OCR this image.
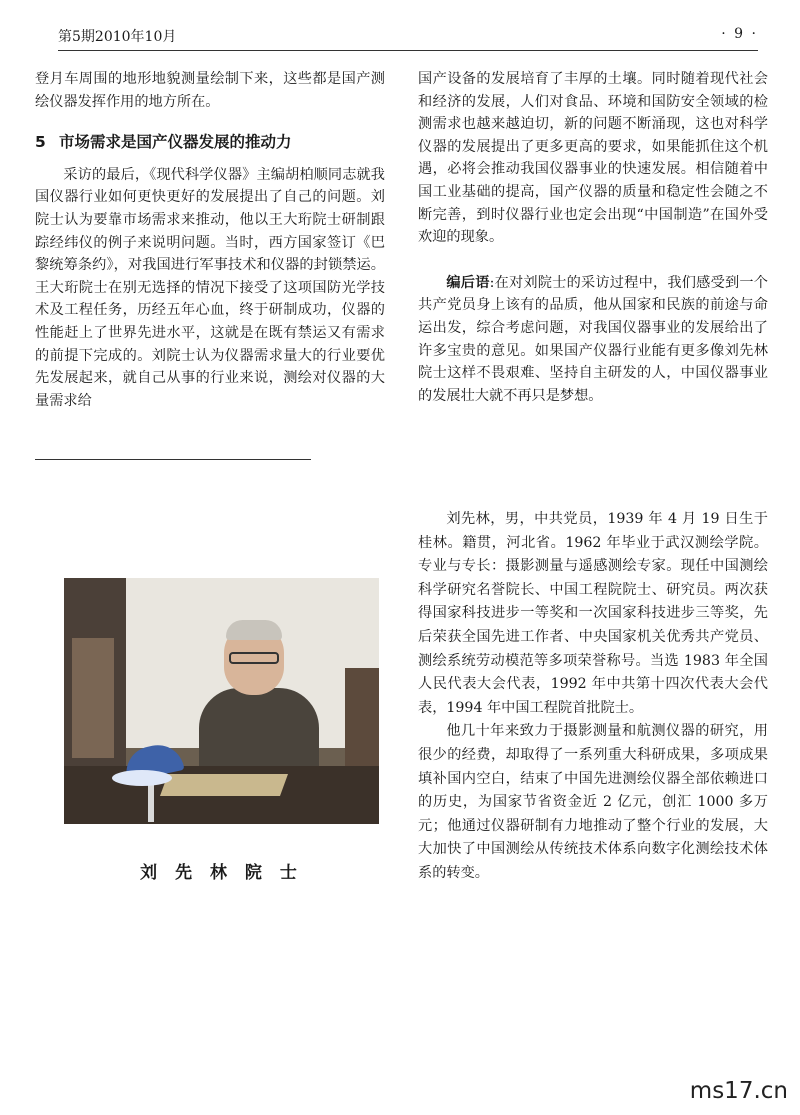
第5期2010年10月	· 9 ·

登月车周围的地形地貌测量绘制下来，这些都是国产测绘仪器发挥作用的地方所在。

5 市场需求是国产仪器发展的推动力

采访的最后，《现代科学仪器》主编胡柏顺同志就我国仪器行业如何更快更好的发展提出了自己的问题。刘院士认为要靠市场需求来推动，他以王大珩院士研制跟踪经纬仪的例子来说明问题。当时，西方国家签订《巴黎统筹条约》，对我国进行军事技术和仪器的封锁禁运。王大珩院士在别无选择的情况下接受了这项国防光学技术及工程任务，历经五年心血，终于研制成功，仪器的性能赶上了世界先进水平，这就是在既有禁运又有需求的前提下完成的。刘院士认为仪器需求量大的行业要优先发展起来，就自己从事的行业来说，测绘对仪器的大量需求给

国产设备的发展培育了丰厚的土壤。同时随着现代社会和经济的发展，人们对食品、环境和国防安全领域的检测需求也越来越迫切，新的问题不断涌现，这也对科学仪器的发展提出了更多更高的要求，如果能抓住这个机遇，必将会推动我国仪器事业的快速发展。相信随着中国工业基础的提高，国产仪器的质量和稳定性会随之不断完善，到时仪器行业也定会出现“中国制造”在国外受欢迎的现象。

编后语:在对刘院士的采访过程中，我们感受到一个共产党员身上该有的品质，他从国家和民族的前途与命运出发，综合考虑问题，对我国仪器事业的发展给出了许多宝贵的意见。如果国产仪器行业能有更多像刘先林院士这样不畏艰难、坚持自主研发的人，中国仪器事业的发展壮大就不再只是梦想。

刘 先 林 院 士

刘先林，男，中共党员，1939 年 4 月 19 日生于桂林。籍贯，河北省。1962 年毕业于武汉测绘学院。专业与专长：摄影测量与遥感测绘专家。现任中国测绘科学研究名誉院长、中国工程院院士、研究员。两次获得国家科技进步一等奖和一次国家科技进步三等奖，先后荣获全国先进工作者、中央国家机关优秀共产党员、测绘系统劳动模范等多项荣誉称号。当选 1983 年全国人民代表大会代表，1992 年中共第十四次代表大会代表，1994 年中国工程院首批院士。

他几十年来致力于摄影测量和航测仪器的研究，用很少的经费，却取得了一系列重大科研成果，多项成果填补国内空白，结束了中国先进测绘仪器全部依赖进口的历史，为国家节省资金近 2 亿元，创汇 1000 多万元；他通过仪器研制有力地推动了整个行业的发展，大大加快了中国测绘从传统技术体系向数字化测绘技术体系的转变。

ms17.cn
